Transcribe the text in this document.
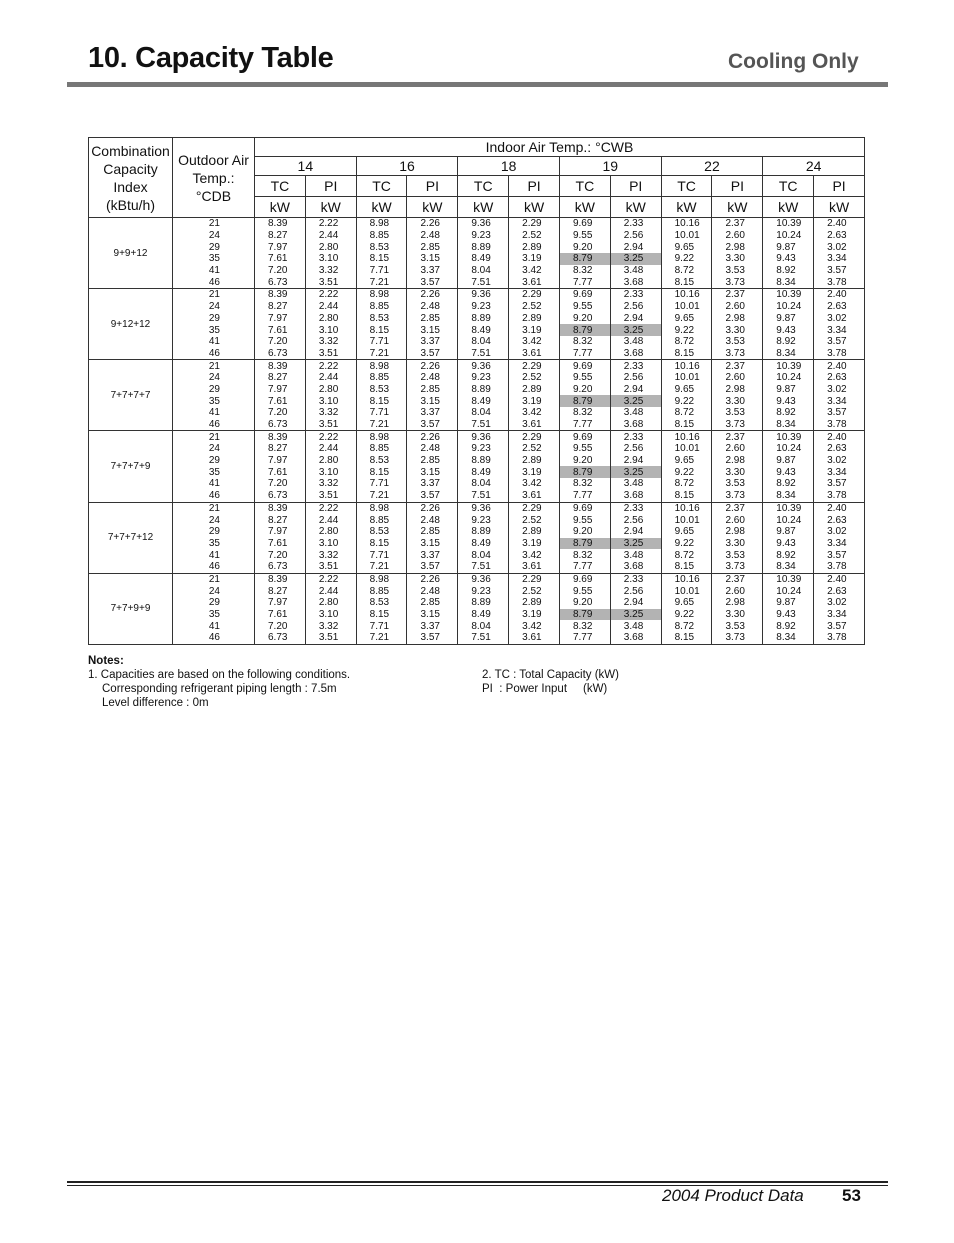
10. Capacity Table	Cooling Only
Combination Capacity Index (kBtu/h)	Outdoor Air Temp.: °CDB	Indoor Air Temp.: °CWB											
		14		16		18		19		22		24	
		TC	PI	TC	PI	TC	PI	TC	PI	TC	PI	TC	PI
		kW	kW	kW	kW	kW	kW	kW	kW	kW	kW	kW	kW
9+9+12	21	8.39	2.22	8.98	2.26	9.36	2.29	9.69	2.33	10.16	2.37	10.39	2.40
	24	8.27	2.44	8.85	2.48	9.23	2.52	9.55	2.56	10.01	2.60	10.24	2.63
	29	7.97	2.80	8.53	2.85	8.89	2.89	9.20	2.94	9.65	2.98	9.87	3.02
	35	7.61	3.10	8.15	3.15	8.49	3.19	8.79	3.25	9.22	3.30	9.43	3.34
	41	7.20	3.32	7.71	3.37	8.04	3.42	8.32	3.48	8.72	3.53	8.92	3.57
	46	6.73	3.51	7.21	3.57	7.51	3.61	7.77	3.68	8.15	3.73	8.34	3.78
9+12+12	21	8.39	2.22	8.98	2.26	9.36	2.29	9.69	2.33	10.16	2.37	10.39	2.40
	24	8.27	2.44	8.85	2.48	9.23	2.52	9.55	2.56	10.01	2.60	10.24	2.63
	29	7.97	2.80	8.53	2.85	8.89	2.89	9.20	2.94	9.65	2.98	9.87	3.02
	35	7.61	3.10	8.15	3.15	8.49	3.19	8.79	3.25	9.22	3.30	9.43	3.34
	41	7.20	3.32	7.71	3.37	8.04	3.42	8.32	3.48	8.72	3.53	8.92	3.57
	46	6.73	3.51	7.21	3.57	7.51	3.61	7.77	3.68	8.15	3.73	8.34	3.78
7+7+7+7	21	8.39	2.22	8.98	2.26	9.36	2.29	9.69	2.33	10.16	2.37	10.39	2.40
	24	8.27	2.44	8.85	2.48	9.23	2.52	9.55	2.56	10.01	2.60	10.24	2.63
	29	7.97	2.80	8.53	2.85	8.89	2.89	9.20	2.94	9.65	2.98	9.87	3.02
	35	7.61	3.10	8.15	3.15	8.49	3.19	8.79	3.25	9.22	3.30	9.43	3.34
	41	7.20	3.32	7.71	3.37	8.04	3.42	8.32	3.48	8.72	3.53	8.92	3.57
	46	6.73	3.51	7.21	3.57	7.51	3.61	7.77	3.68	8.15	3.73	8.34	3.78
7+7+7+9	21	8.39	2.22	8.98	2.26	9.36	2.29	9.69	2.33	10.16	2.37	10.39	2.40
	24	8.27	2.44	8.85	2.48	9.23	2.52	9.55	2.56	10.01	2.60	10.24	2.63
	29	7.97	2.80	8.53	2.85	8.89	2.89	9.20	2.94	9.65	2.98	9.87	3.02
	35	7.61	3.10	8.15	3.15	8.49	3.19	8.79	3.25	9.22	3.30	9.43	3.34
	41	7.20	3.32	7.71	3.37	8.04	3.42	8.32	3.48	8.72	3.53	8.92	3.57
	46	6.73	3.51	7.21	3.57	7.51	3.61	7.77	3.68	8.15	3.73	8.34	3.78
7+7+7+12	21	8.39	2.22	8.98	2.26	9.36	2.29	9.69	2.33	10.16	2.37	10.39	2.40
	24	8.27	2.44	8.85	2.48	9.23	2.52	9.55	2.56	10.01	2.60	10.24	2.63
	29	7.97	2.80	8.53	2.85	8.89	2.89	9.20	2.94	9.65	2.98	9.87	3.02
	35	7.61	3.10	8.15	3.15	8.49	3.19	8.79	3.25	9.22	3.30	9.43	3.34
	41	7.20	3.32	7.71	3.37	8.04	3.42	8.32	3.48	8.72	3.53	8.92	3.57
	46	6.73	3.51	7.21	3.57	7.51	3.61	7.77	3.68	8.15	3.73	8.34	3.78
7+7+9+9	21	8.39	2.22	8.98	2.26	9.36	2.29	9.69	2.33	10.16	2.37	10.39	2.40
	24	8.27	2.44	8.85	2.48	9.23	2.52	9.55	2.56	10.01	2.60	10.24	2.63
	29	7.97	2.80	8.53	2.85	8.89	2.89	9.20	2.94	9.65	2.98	9.87	3.02
	35	7.61	3.10	8.15	3.15	8.49	3.19	8.79	3.25	9.22	3.30	9.43	3.34
	41	7.20	3.32	7.71	3.37	8.04	3.42	8.32	3.48	8.72	3.53	8.92	3.57
	46	6.73	3.51	7.21	3.57	7.51	3.61	7.77	3.68	8.15	3.73	8.34	3.78
Notes:
1. Capacities are based on the following conditions.
Corresponding refrigerant piping length : 7.5m
Level difference : 0m
2. TC : Total Capacity (kW)
PI  : Power Input     (kW)
2004 Product Data 53
